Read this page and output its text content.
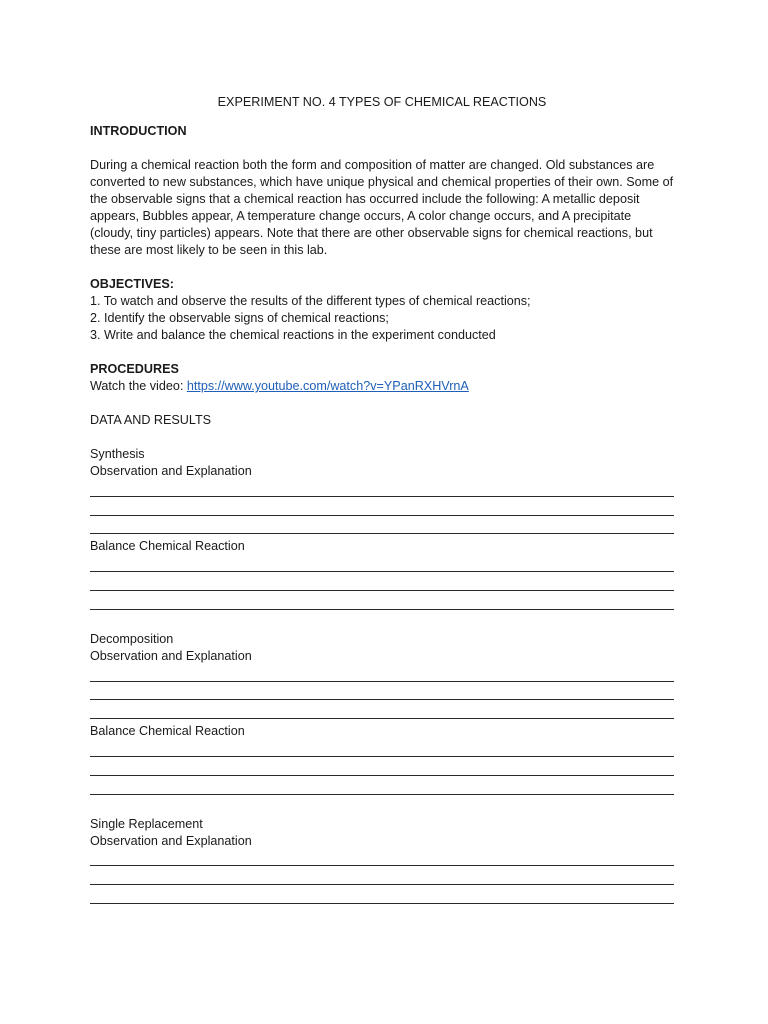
EXPERIMENT NO. 4 TYPES OF CHEMICAL REACTIONS

INTRODUCTION

During a chemical reaction both the form and composition of matter are changed. Old substances are converted to new substances, which have unique physical and chemical properties of their own. Some of the observable signs that a chemical reaction has occurred include the following: A metallic deposit appears, Bubbles appear, A temperature change occurs, A color change occurs, and A precipitate (cloudy, tiny particles) appears. Note that there are other observable signs for chemical reactions, but these are most likely to be seen in this lab.

OBJECTIVES:

1. To watch and observe the results of the different types of chemical reactions;

2. Identify the observable signs of chemical reactions;

3. Write and balance the chemical reactions in the experiment conducted

PROCEDURES

Watch the video: https://www.youtube.com/watch?v=YPanRXHVrnA

DATA AND RESULTS

Synthesis

Observation and Explanation

Balance Chemical Reaction

Decomposition

Observation and Explanation

Balance Chemical Reaction

Single Replacement

Observation and Explanation
